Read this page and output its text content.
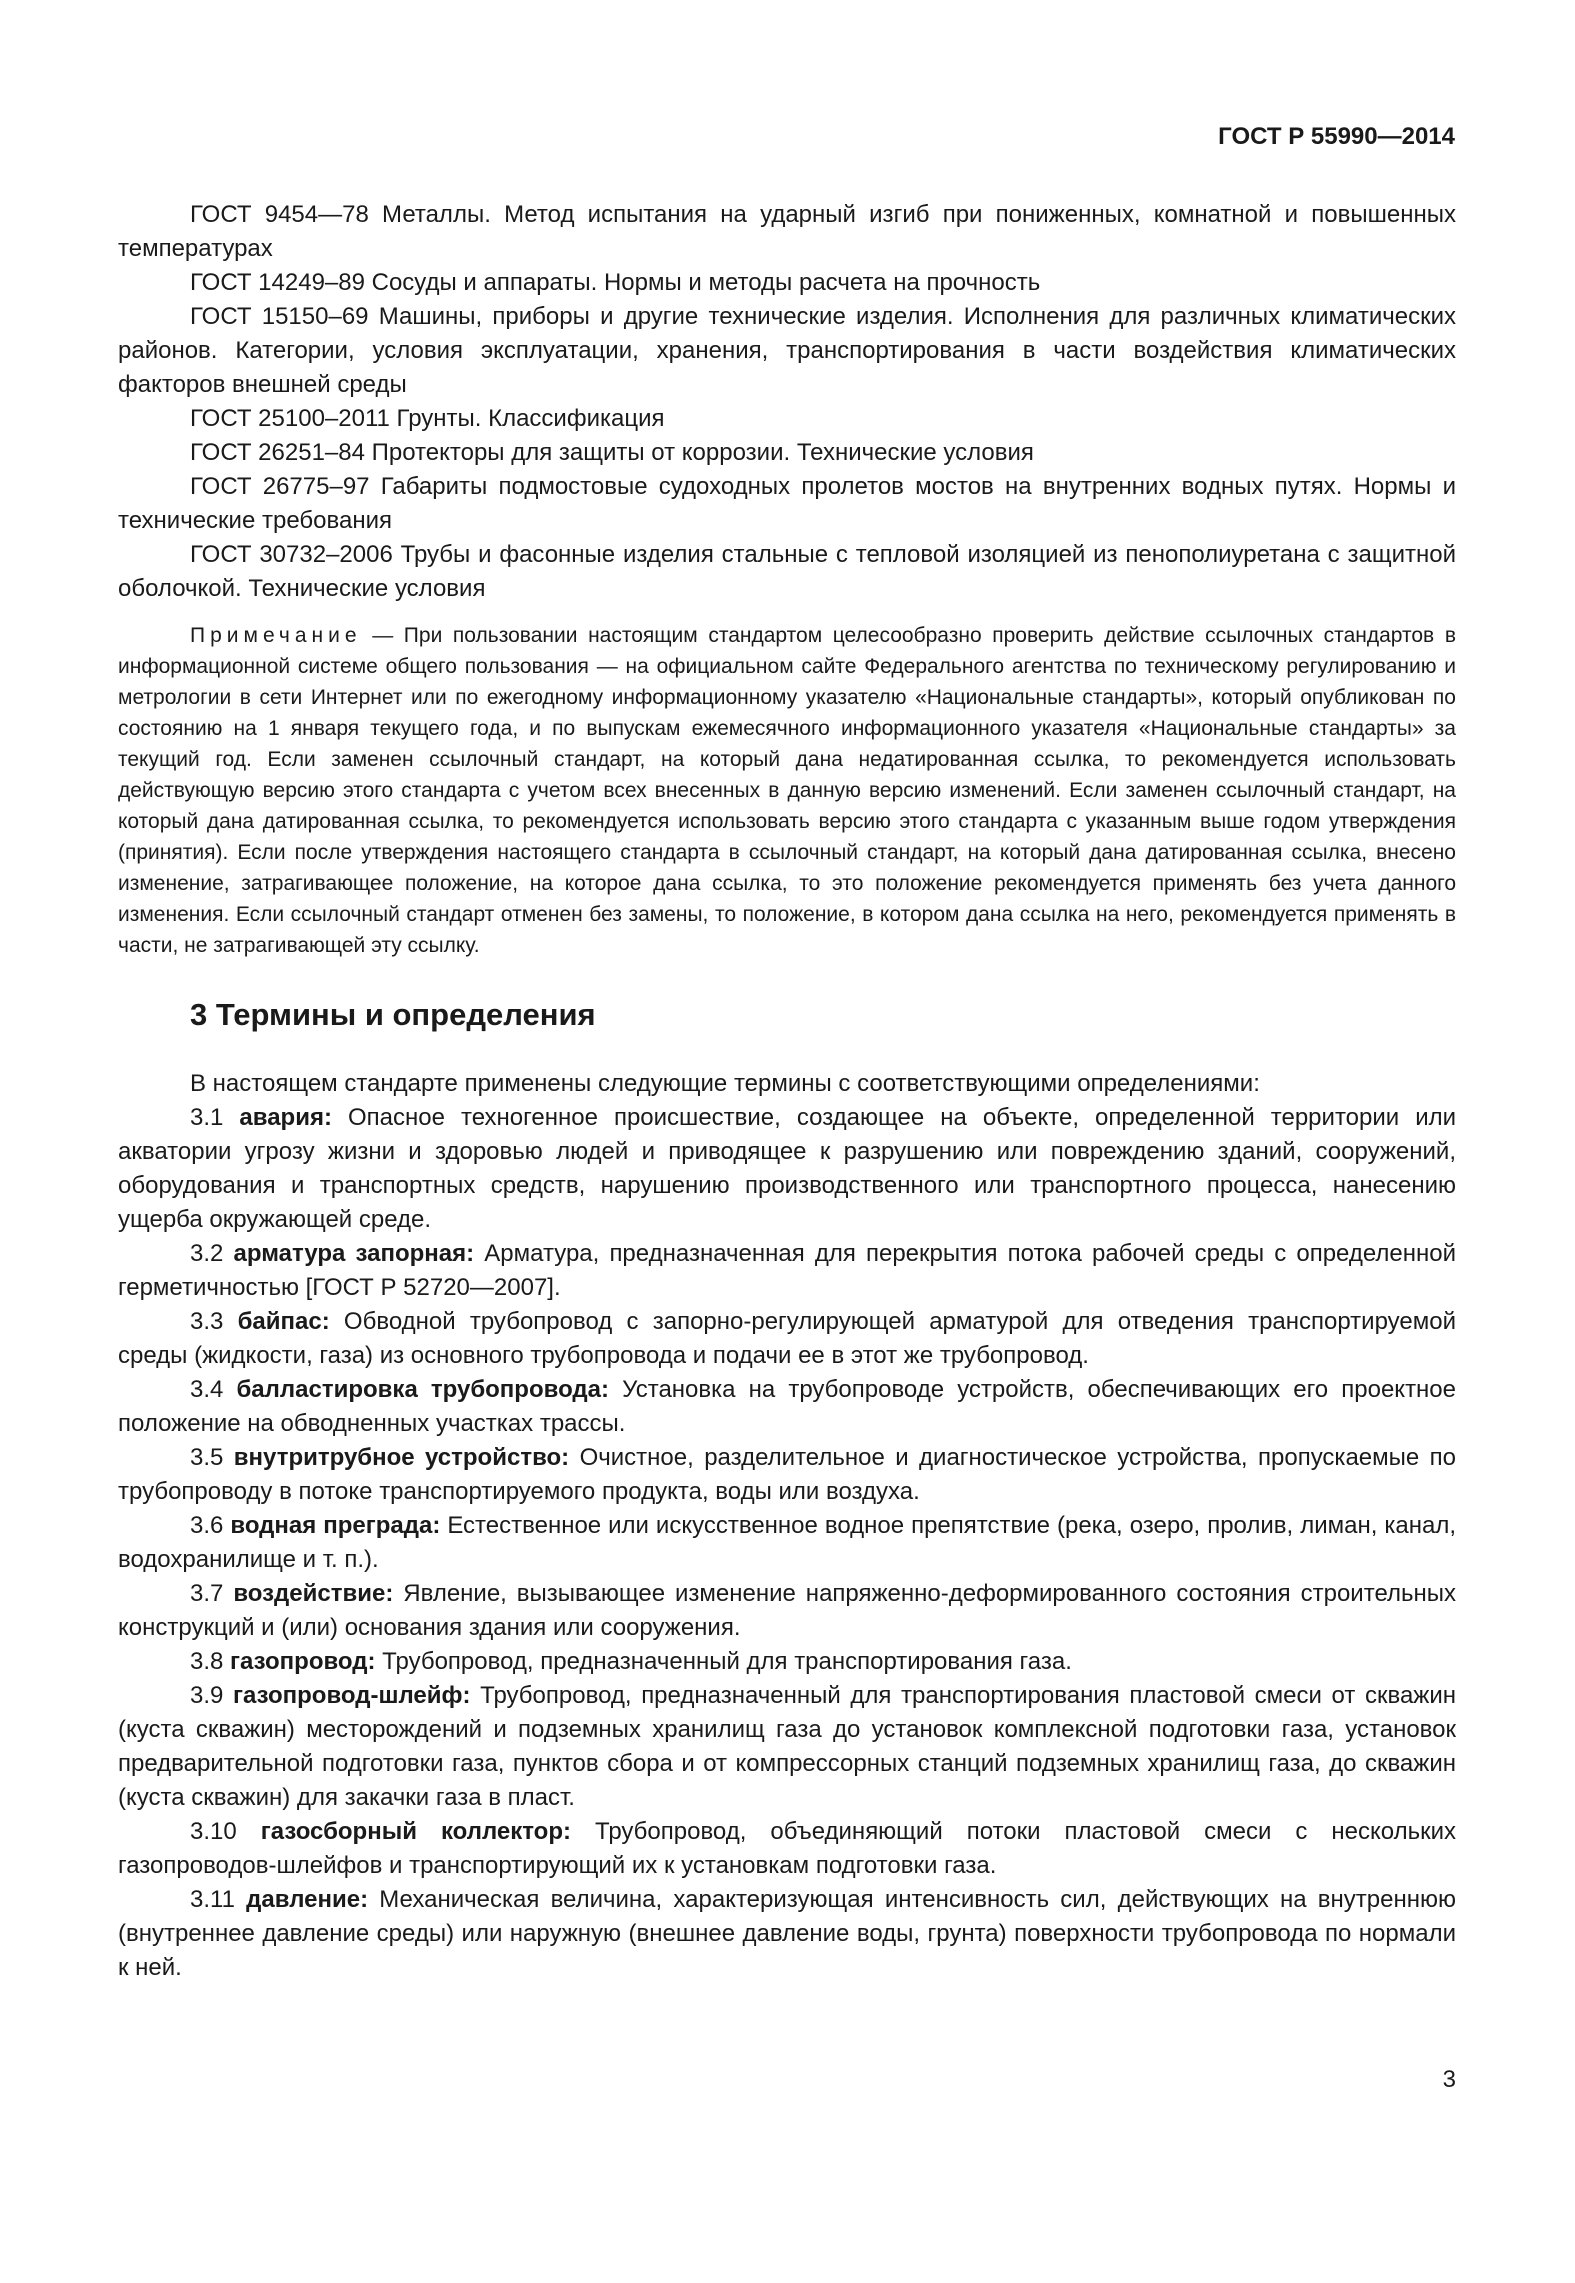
ГОСТ Р 55990—2014

ГОСТ 9454—78 Металлы. Метод испытания на ударный изгиб при пониженных, комнатной и повышенных температурах

ГОСТ 14249–89 Сосуды и аппараты. Нормы и методы расчета на прочность

ГОСТ 15150–69 Машины, приборы и другие технические изделия. Исполнения для различных климатических районов. Категории, условия эксплуатации, хранения, транспортирования в части воздействия климатических факторов внешней среды

ГОСТ 25100–2011 Грунты. Классификация

ГОСТ 26251–84 Протекторы для защиты от коррозии. Технические условия

ГОСТ 26775–97 Габариты подмостовые судоходных пролетов мостов на внутренних водных путях. Нормы и технические требования

ГОСТ 30732–2006 Трубы и фасонные изделия стальные с тепловой изоляцией из пенополиуретана с защитной оболочкой. Технические условия

Примечание — При пользовании настоящим стандартом целесообразно проверить действие ссылочных стандартов в информационной системе общего пользования — на официальном сайте Федерального агентства по техническому регулированию и метрологии в сети Интернет или по ежегодному информационному указателю «Национальные стандарты», который опубликован по состоянию на 1 января текущего года, и по выпускам ежемесячного информационного указателя «Национальные стандарты» за текущий год. Если заменен ссылочный стандарт, на который дана недатированная ссылка, то рекомендуется использовать действующую версию этого стандарта с учетом всех внесенных в данную версию изменений. Если заменен ссылочный стандарт, на который дана датированная ссылка, то рекомендуется использовать версию этого стандарта с указанным выше годом утверждения (принятия). Если после утверждения настоящего стандарта в ссылочный стандарт, на который дана датированная ссылка, внесено изменение, затрагивающее положение, на которое дана ссылка, то это положение рекомендуется применять без учета данного изменения. Если ссылочный стандарт отменен без замены, то положение, в котором дана ссылка на него, рекомендуется применять в части, не затрагивающей эту ссылку.

3 Термины и определения

В настоящем стандарте применены следующие термины с соответствующими определениями:

3.1 авария: Опасное техногенное происшествие, создающее на объекте, определенной территории или акватории угрозу жизни и здоровью людей и приводящее к разрушению или повреждению зданий, сооружений, оборудования и транспортных средств, нарушению производственного или транспортного процесса, нанесению ущерба окружающей среде.

3.2 арматура запорная: Арматура, предназначенная для перекрытия потока рабочей среды с определенной герметичностью [ГОСТ Р 52720—2007].

3.3 байпас: Обводной трубопровод с запорно-регулирующей арматурой для отведения транспортируемой среды (жидкости, газа) из основного трубопровода и подачи ее в этот же трубопровод.

3.4 балластировка трубопровода: Установка на трубопроводе устройств, обеспечивающих его проектное положение на обводненных участках трассы.

3.5 внутритрубное устройство: Очистное, разделительное и диагностическое устройства, пропускаемые по трубопроводу в потоке транспортируемого продукта, воды или воздуха.

3.6 водная преграда: Естественное или искусственное водное препятствие (река, озеро, пролив, лиман, канал, водохранилище и т. п.).

3.7 воздействие: Явление, вызывающее изменение напряженно-деформированного состояния строительных конструкций и (или) основания здания или сооружения.

3.8 газопровод: Трубопровод, предназначенный для транспортирования газа.

3.9 газопровод-шлейф: Трубопровод, предназначенный для транспортирования пластовой смеси от скважин (куста скважин) месторождений и подземных хранилищ газа до установок комплексной подготовки газа, установок предварительной подготовки газа, пунктов сбора и от компрессорных станций подземных хранилищ газа, до скважин (куста скважин) для закачки газа в пласт.

3.10 газосборный коллектор: Трубопровод, объединяющий потоки пластовой смеси с нескольких газопроводов-шлейфов и транспортирующий их к установкам подготовки газа.

3.11 давление: Механическая величина, характеризующая интенсивность сил, действующих на внутреннюю (внутреннее давление среды) или наружную (внешнее давление воды, грунта) поверхности трубопровода по нормали к ней.

3
